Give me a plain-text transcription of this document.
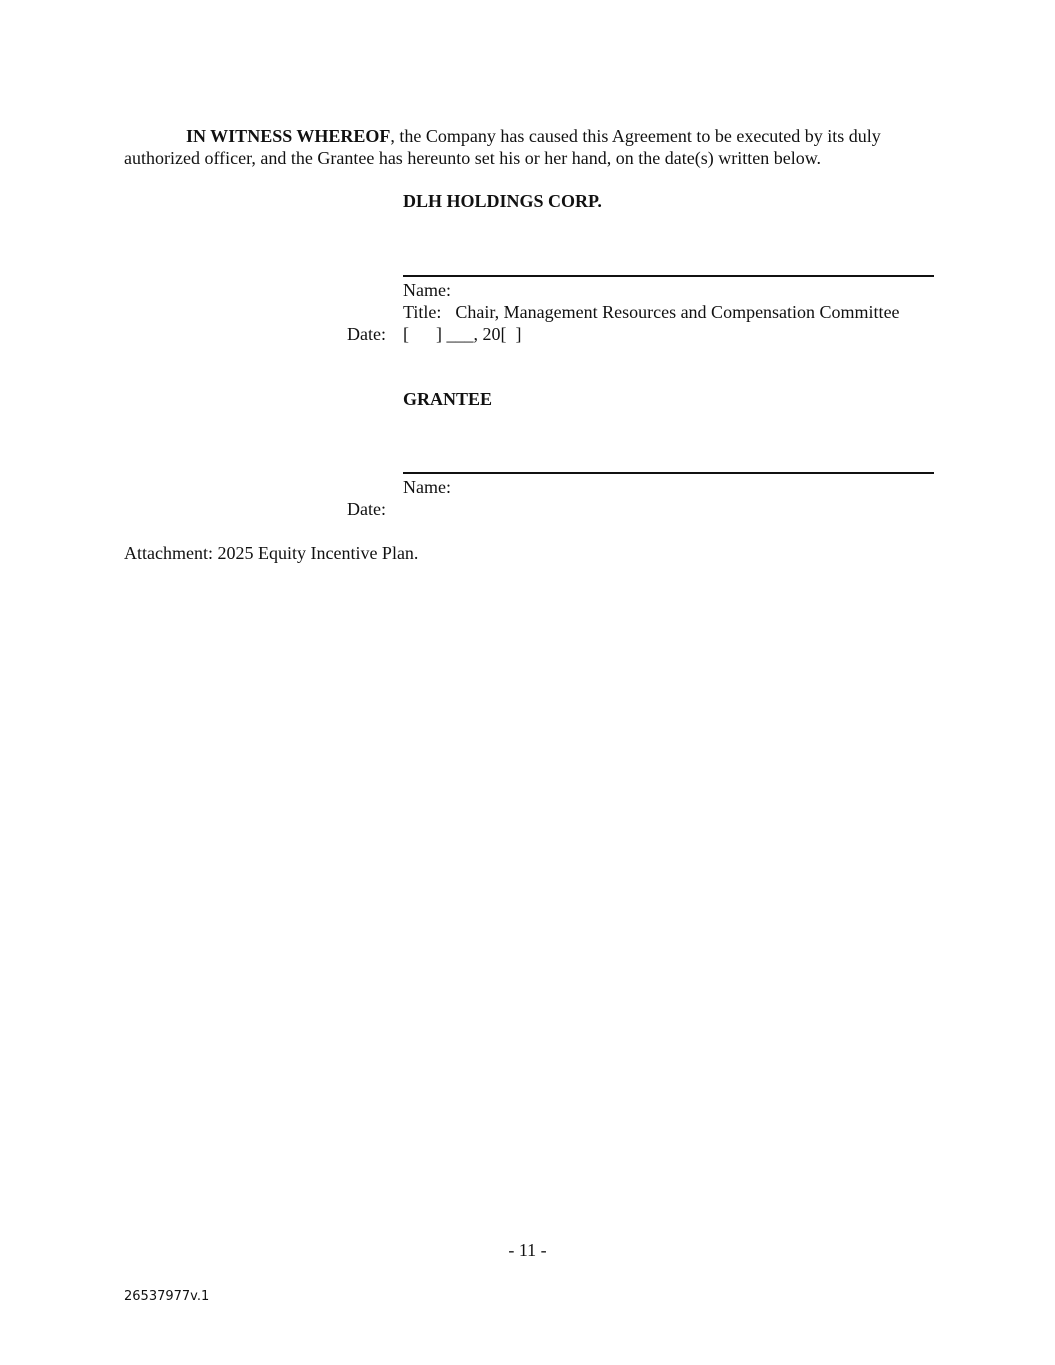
IN WITNESS WHEREOF, the Company has caused this Agreement to be executed by its duly
authorized officer, and the Grantee has hereunto set his or her hand, on the date(s) written below.
DLH HOLDINGS CORP.
Name:
Title: Chair, Management Resources and Compensation Committee
Date: [      ] ___, 20[  ]
GRANTEE
Name:
Date:
Attachment: 2025 Equity Incentive Plan.
- 11 -
26537977v.1
